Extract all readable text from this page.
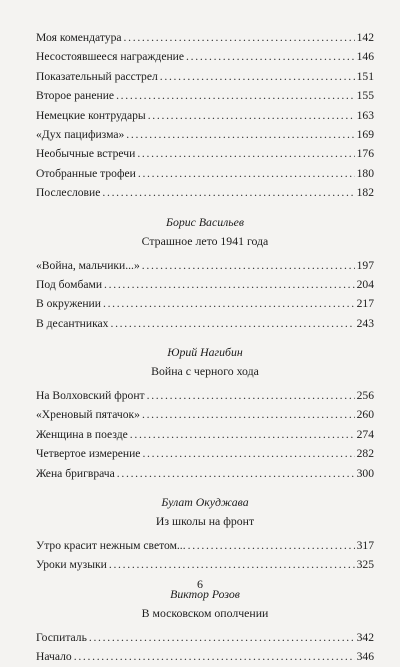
Моя комендатура . . .	142
Несостоявшееся награждение . . .	146
Показательный расстрел . . .	151
Второе ранение . . .	155
Немецкие контрудары . . .	163
«Дух пацифизма» . . .	169
Необычные встречи . . .	176
Отобранные трофеи . . .	180
Послесловие . . .	182
Борис Васильев
Страшное лето 1941 года
«Война, мальчики...» . . .	197
Под бомбами . . .	204
В окружении . . .	217
В десантниках . . .	243
Юрий Нагибин
Война с черного хода
На Волховский фронт . . .	256
«Хреновый пятачок» . . .	260
Женщина в поезде . . .	274
Четвертое измерение . . .	282
Жена бригврача . . .	300
Булат Окуджава
Из школы на фронт
Утро красит нежным светом... . . .	317
Уроки музыки . . .	325
Виктор Розов
В московском ополчении
Госпиталь . . .	342
Начало . . .	346
6
